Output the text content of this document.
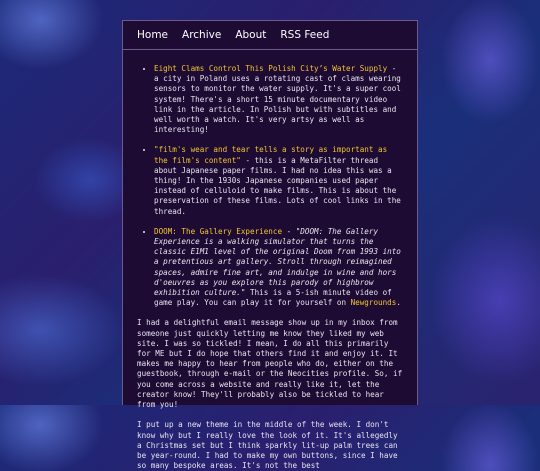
Home Archive About RSS Feed
• Eight Clams Control This Polish City’s Water Supply - a city in Poland uses a rotating cast of clams wearing sensors to monitor the water supply. It's a super cool system! There's a short 15 minute documentary video link in the article. In Polish but with subtitles and well worth a watch. It's very artsy as well as interesting!
• "film's wear and tear tells a story as important as the film's content" - this is a MetaFilter thread about Japanese paper films. I had no idea this was a thing! In the 1930s Japanese companies used paper instead of celluloid to make films. This is about the preservation of these films. Lots of cool links in the thread.
• DOOM: The Gallery Experience - "DOOM: The Gallery Experience is a walking simulator that turns the classic E1M1 level of the original Doom from 1993 into a pretentious art gallery. Stroll through reimagined spaces, admire fine art, and indulge in wine and hors d'oeuvres as you explore this parody of highbrow exhibition culture." This is a 5-ish minute video of game play. You can play it for yourself on Newgrounds.

I had a delightful email message show up in my inbox from someone just quickly letting me know they liked my web site. I was so tickled! I mean, I do all this primarily for ME but I do hope that others find it and enjoy it. It makes me happy to hear from people who do, either on the guestbook, through e-mail or the Neocities profile. So, if you come across a website and really like it, let the creator know! They'll probably also be tickled to hear from you!

I put up a new theme in the middle of the week. I don't know why but I really love the look of it. It's allegedly a Christmas set but I think sparkly lit-up palm trees can be year-round. I had to make my own buttons, since I have so many bespoke areas. It's not the best
